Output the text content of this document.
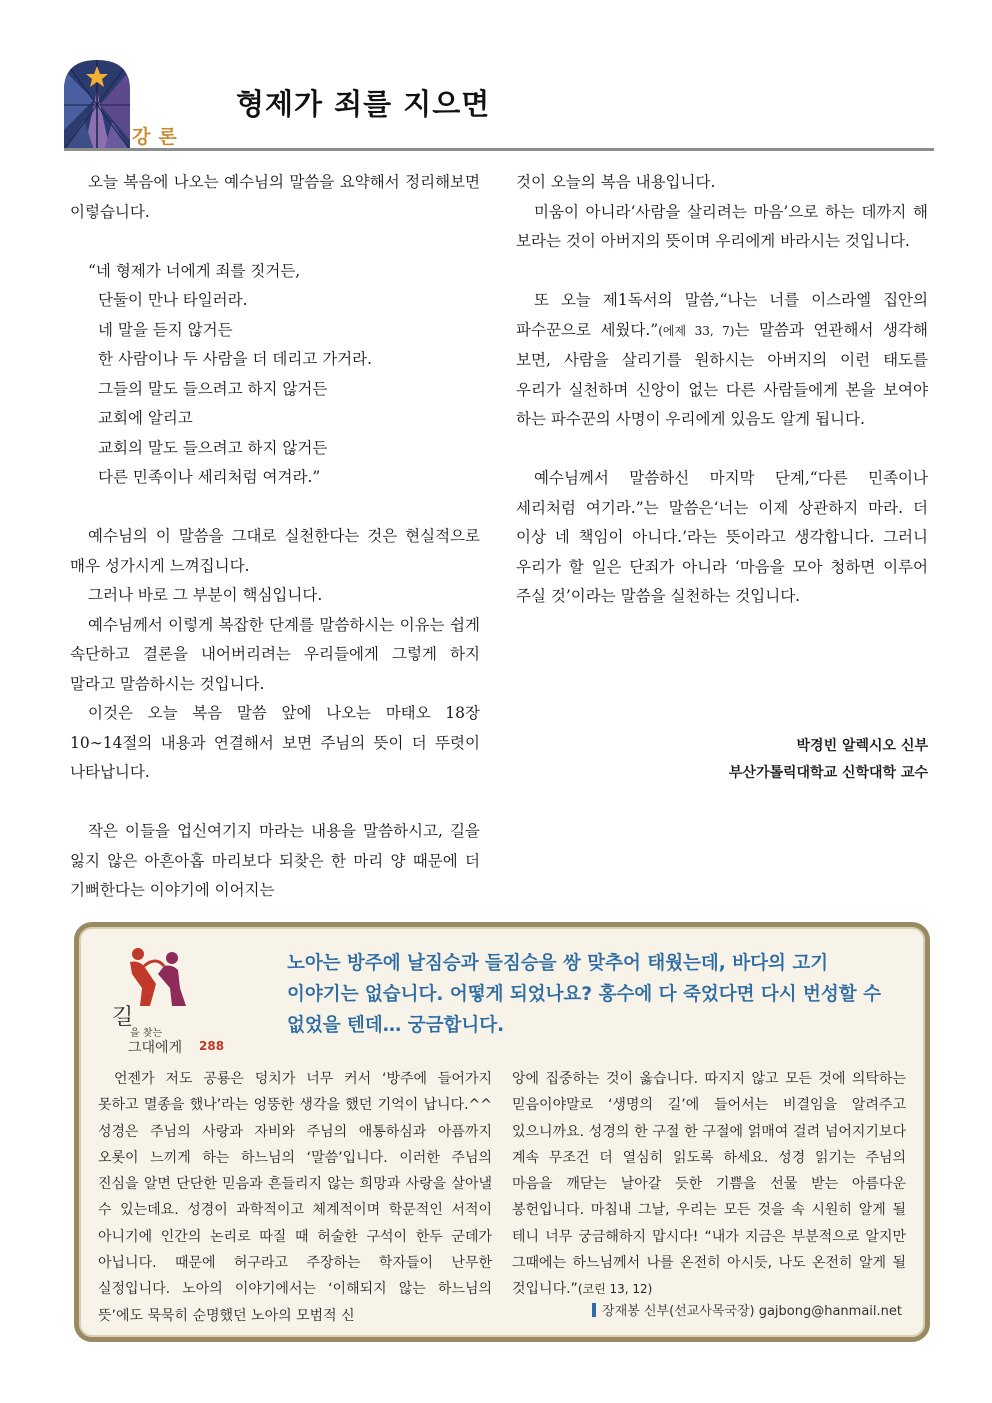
강론
형제가 죄를 지으면

오늘 복음에 나오는 예수님의 말씀을 요약해서 정리해보면 이렇습니다.

“네 형제가 너에게 죄를 짓거든,
단둘이 만나 타일러라.
네 말을 듣지 않거든
한 사람이나 두 사람을 더 데리고 가거라.
그들의 말도 들으려고 하지 않거든
교회에 알리고
교회의 말도 들으려고 하지 않거든
다른 민족이나 세리처럼 여겨라.”

예수님의 이 말씀을 그대로 실천한다는 것은 현실적으로 매우 성가시게 느껴집니다.

그러나 바로 그 부분이 핵심입니다.

예수님께서 이렇게 복잡한 단계를 말씀하시는 이유는 쉽게 속단하고 결론을 내어버리려는 우리들에게 그렇게 하지 말라고 말씀하시는 것입니다.

이것은 오늘 복음 말씀 앞에 나오는 마태오 18장 10∼14절의 내용과 연결해서 보면 주님의 뜻이 더 뚜렷이 나타납니다.

작은 이들을 업신여기지 마라는 내용을 말씀하시고, 길을 잃지 않은 아흔아홉 마리보다 되찾은 한 마리 양 때문에 더 기뻐한다는 이야기에 이어지는

것이 오늘의 복음 내용입니다.

미움이 아니라‘사람을 살리려는 마음’으로 하는 데까지 해 보라는 것이 아버지의 뜻이며 우리에게 바라시는 것입니다.

또 오늘 제1독서의 말씀,“나는 너를 이스라엘 집안의 파수꾼으로 세웠다.”(에제 33, 7)는 말씀과 연관해서 생각해 보면, 사람을 살리기를 원하시는 아버지의 이런 태도를 우리가 실천하며 신앙이 없는 다른 사람들에게 본을 보여야 하는 파수꾼의 사명이 우리에게 있음도 알게 됩니다.

예수님께서 말씀하신 마지막 단계,“다른 민족이나 세리처럼 여기라.”는 말씀은‘너는 이제 상관하지 마라. 더 이상 네 책임이 아니다.’라는 뜻이라고 생각합니다. 그러니 우리가 할 일은 단죄가 아니라 ‘마음을 모아 청하면 이루어 주실 것’이라는 말씀을 실천하는 것입니다.

박경빈 알렉시오 신부
부산가톨릭대학교 신학대학 교수
길
을 찾는
그대에게 288
노아는 방주에 날짐승과 들짐승을 쌍 맞추어 태웠는데, 바다의 고기 이야기는 없습니다. 어떻게 되었나요? 홍수에 다 죽었다면 다시 번성할 수 없었을 텐데… 궁금합니다.

언젠가 저도 공룡은 덩치가 너무 커서 ‘방주에 들어가지 못하고 멸종을 했나’라는 엉뚱한 생각을 했던 기억이 납니다.^^ 성경은 주님의 사랑과 자비와 주님의 애통하심과 아픔까지 오롯이 느끼게 하는 하느님의 ‘말씀’입니다. 이러한 주님의 진심을 알면 단단한 믿음과 흔들리지 않는 희망과 사랑을 살아낼 수 있는데요. 성경이 과학적이고 체계적이며 학문적인 서적이 아니기에 인간의 논리로 따질 때 허술한 구석이 한두 군데가 아닙니다. 때문에 허구라고 주장하는 학자들이 난무한 실정입니다. 노아의 이야기에서는 ‘이해되지 않는 하느님의 뜻’에도 묵묵히 순명했던 노아의 모범적 신

앙에 집중하는 것이 옳습니다. 따지지 않고 모든 것에 의탁하는 믿음이야말로 ‘생명의 길’에 들어서는 비결임을 알려주고 있으니까요. 성경의 한 구절 한 구절에 얽매여 걸려 넘어지기보다 계속 무조건 더 열심히 읽도록 하세요. 성경 읽기는 주님의 마음을 깨닫는 날아갈 듯한 기쁨을 선물 받는 아름다운 봉헌입니다. 마침내 그날, 우리는 모든 것을 속 시원히 알게 될 테니 너무 궁금해하지 맙시다! “내가 지금은 부분적으로 알지만 그때에는 하느님께서 나를 온전히 아시듯, 나도 온전히 알게 될 것입니다.”(코린 13, 12)

장재봉 신부(선교사목국장) gajbong@hanmail.net
